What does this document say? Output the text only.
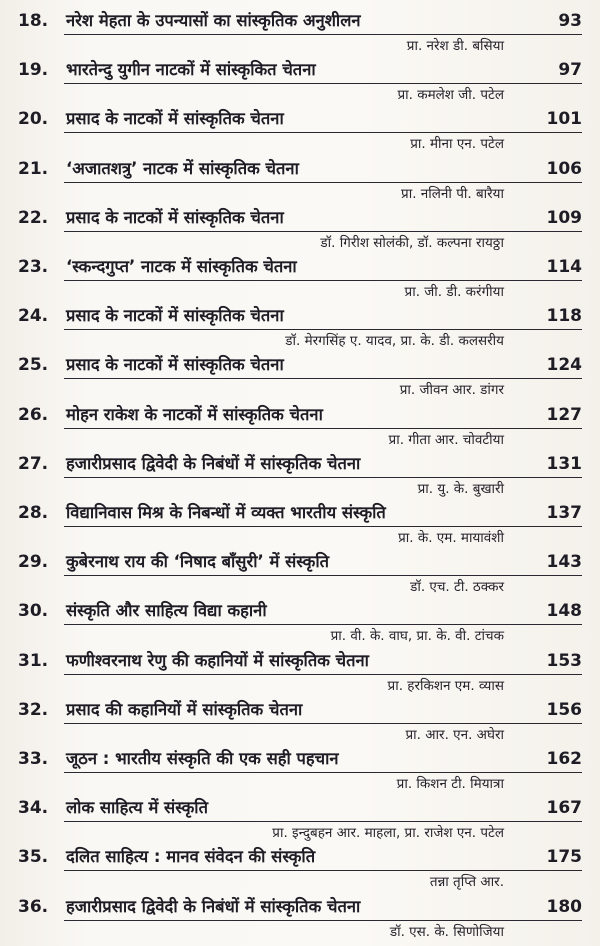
18.	नरेश मेहता के उपन्यासों का सांस्कृतिक अनुशीलन	93
प्रा. नरेश डी. बसिया
19.	भारतेन्दु युगीन नाटकों में सांस्कृकित चेतना	97
प्रा. कमलेश जी. पटेल
20.	प्रसाद के नाटकों में सांस्कृतिक चेतना	101
प्रा. मीना एन. पटेल
21.	‘अजातशत्रु’ नाटक में सांस्कृतिक चेतना	106
प्रा. नलिनी पी. बारैया
22.	प्रसाद के नाटकों में सांस्कृतिक चेतना	109
डॉ. गिरीश सोलंकी, डॉ. कल्पना रायठ्ठा
23.	‘स्कन्दगुप्त’ नाटक में सांस्कृतिक चेतना	114
प्रा. जी. डी. करंगीया
24.	प्रसाद के नाटकों में सांस्कृतिक चेतना	118
डॉ. मेरगसिंह ए. यादव, प्रा. के. डी. कलसरीय
25.	प्रसाद के नाटकों में सांस्कृतिक चेतना	124
प्रा. जीवन आर. डांगर
26.	मोहन राकेश के नाटकों में सांस्कृतिक चेतना	127
प्रा. गीता आर. चोवटीया
27.	हजारीप्रसाद द्विवेदी के निबंधों में सांस्कृतिक चेतना	131
प्रा. यु. के. बुखारी
28.	विद्यानिवास मिश्र के निबन्धों में व्यक्त भारतीय संस्कृति	137
प्रा. के. एम. मायावंशी
29.	कुबेरनाथ राय की ‘निषाद बाँसुरी’ में संस्कृति	143
डॉ. एच. टी. ठक्कर
30.	संस्कृति और साहित्य विद्या कहानी	148
प्रा. वी. के. वाघ, प्रा. के. वी. टांचक
31.	फणीश्वरनाथ रेणु की कहानियों में सांस्कृतिक चेतना	153
प्रा. हरकिशन एम. व्यास
32.	प्रसाद की कहानियों में सांस्कृतिक चेतना	156
प्रा. आर. एन. अघेरा
33.	जूठन : भारतीय संस्कृति की एक सही पहचान	162
प्रा. किशन टी. मियात्रा
34.	लोक साहित्य में संस्कृति	167
प्रा. इन्दुबहन आर. माहला, प्रा. राजेश एन. पटेल
35.	दलित साहित्य : मानव संवेदन की संस्कृति	175
तन्ना तृप्ति आर.
36.	हजारीप्रसाद द्विवेदी के निबंधों में सांस्कृतिक चेतना	180
डॉ. एस. के. सिणोजिया
